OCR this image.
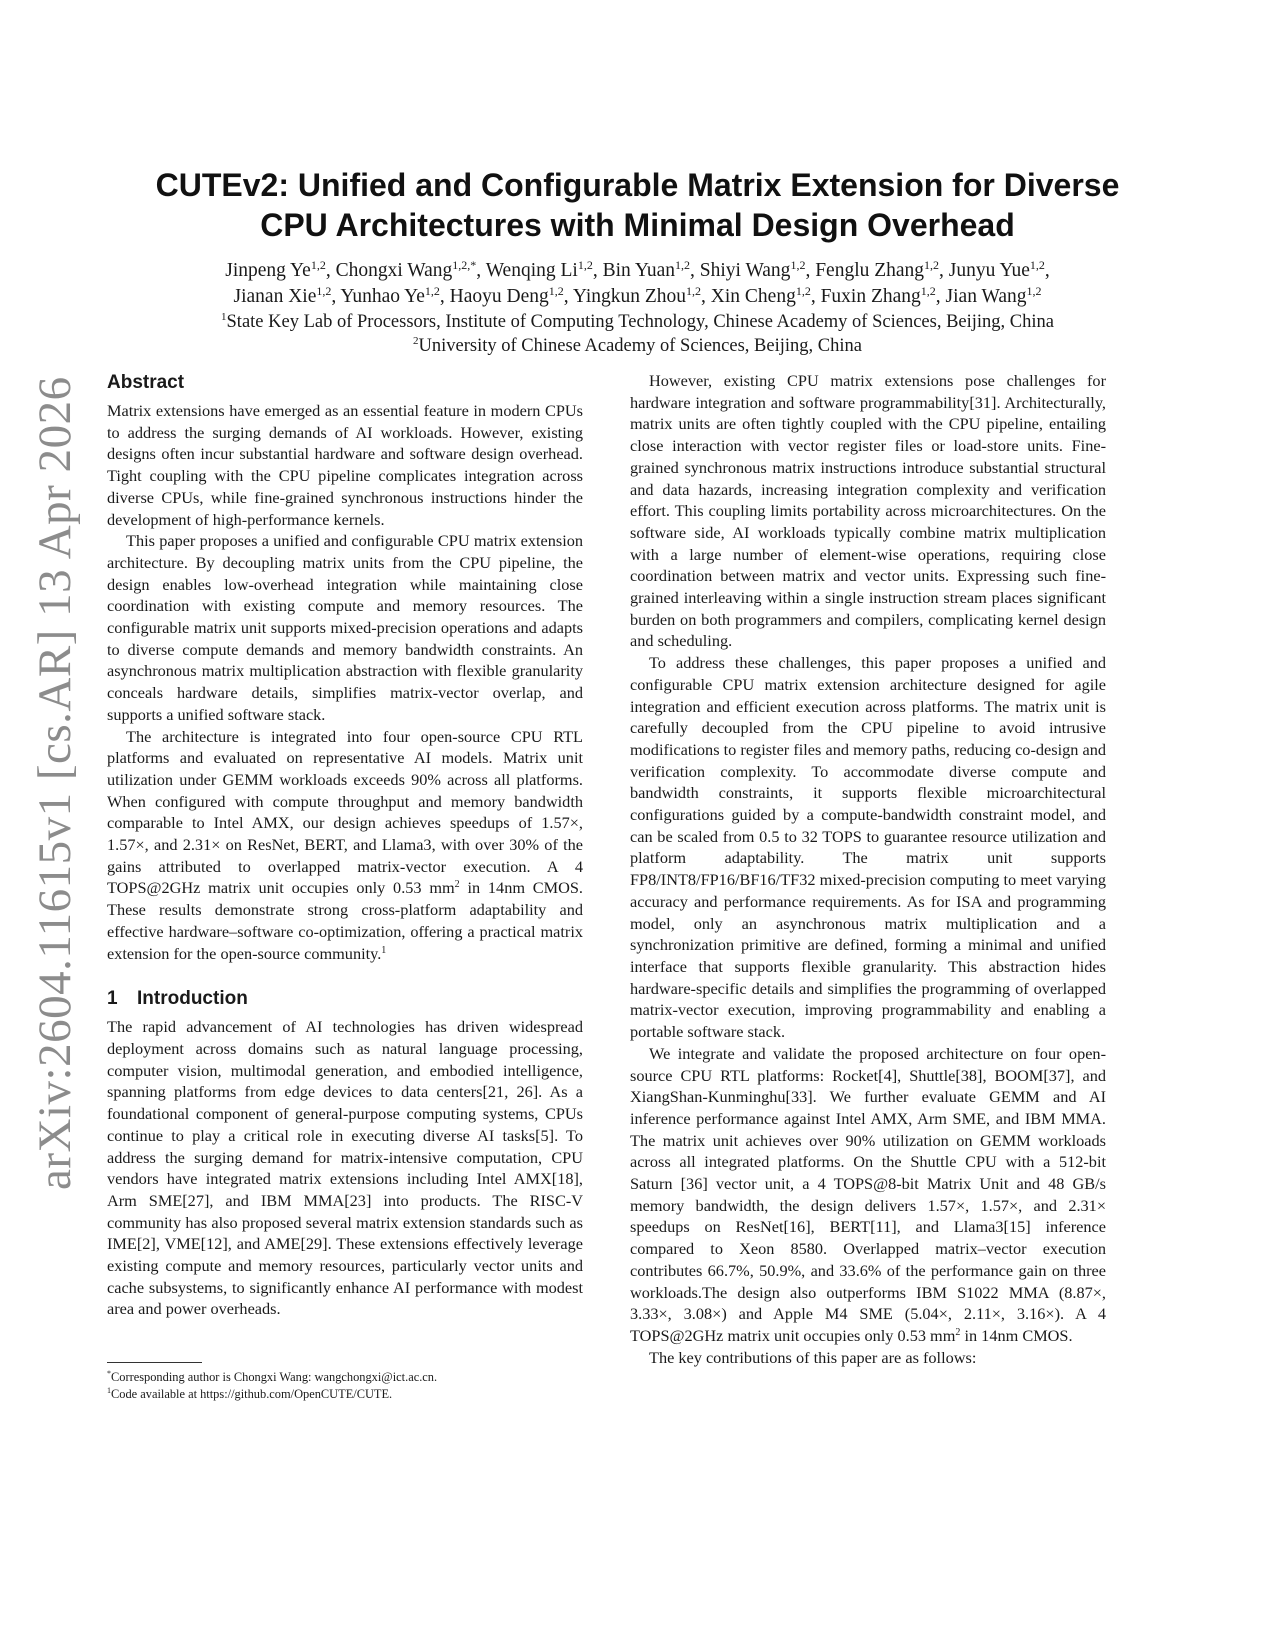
arXiv:2604.11615v1 [cs.AR] 13 Apr 2026
CUTEv2: Unified and Configurable Matrix Extension for Diverse
CPU Architectures with Minimal Design Overhead
Jinpeng Ye$^{1,2}$, Chongxi Wang$^{1,2,*}$, Wenqing Li$^{1,2}$, Bin Yuan$^{1,2}$, Shiyi Wang$^{1,2}$, Fenglu Zhang$^{1,2}$, Junyu Yue$^{1,2}$,
Jianan Xie$^{1,2}$, Yunhao Ye$^{1,2}$, Haoyu Deng$^{1,2}$, Yingkun Zhou$^{1,2}$, Xin Cheng$^{1,2}$, Fuxin Zhang$^{1,2}$, Jian Wang$^{1,2}$
$^1$State Key Lab of Processors, Institute of Computing Technology, Chinese Academy of Sciences, Beijing, China
$^2$University of Chinese Academy of Sciences, Beijing, China
Abstract

Matrix extensions have emerged as an essential feature in modern CPUs to address the surging demands of AI workloads. However, existing designs often incur substantial hardware and software design overhead. Tight coupling with the CPU pipeline complicates integration across diverse CPUs, while fine-grained synchronous instructions hinder the development of high-performance kernels.

This paper proposes a unified and configurable CPU matrix extension architecture. By decoupling matrix units from the CPU pipeline, the design enables low-overhead integration while maintaining close coordination with existing compute and memory resources. The configurable matrix unit supports mixed-precision operations and adapts to diverse compute demands and memory bandwidth constraints. An asynchronous matrix multiplication abstraction with flexible granularity conceals hardware details, simplifies matrix-vector overlap, and supports a unified software stack.

The architecture is integrated into four open-source CPU RTL platforms and evaluated on representative AI models. Matrix unit utilization under GEMM workloads exceeds 90% across all platforms. When configured with compute throughput and memory bandwidth comparable to Intel AMX, our design achieves speedups of 1.57×, 1.57×, and 2.31× on ResNet, BERT, and Llama3, with over 30% of the gains attributed to overlapped matrix-vector execution. A 4 TOPS@2GHz matrix unit occupies only 0.53 $mm^2$ in 14nm CMOS. These results demonstrate strong cross-platform adaptability and effective hardware–software co-optimization, offering a practical matrix extension for the open-source community.$^1$

1 Introduction

The rapid advancement of AI technologies has driven widespread deployment across domains such as natural language processing, computer vision, multimodal generation, and embodied intelligence, spanning platforms from edge devices to data centers[21, 26]. As a foundational component of general-purpose computing systems, CPUs continue to play a critical role in executing diverse AI tasks[5]. To address the surging demand for matrix-intensive computation, CPU vendors have integrated matrix extensions including Intel AMX[18], Arm SME[27], and IBM MMA[23] into products. The RISC-V community has also proposed several matrix extension standards such as IME[2], VME[12], and AME[29]. These extensions effectively leverage existing compute and memory resources, particularly vector units and cache subsystems, to significantly enhance AI performance with modest area and power overheads.

However, existing CPU matrix extensions pose challenges for hardware integration and software programmability[31]. Architecturally, matrix units are often tightly coupled with the CPU pipeline, entailing close interaction with vector register files or load-store units. Fine-grained synchronous matrix instructions introduce substantial structural and data hazards, increasing integration complexity and verification effort. This coupling limits portability across microarchitectures. On the software side, AI workloads typically combine matrix multiplication with a large number of element-wise operations, requiring close coordination between matrix and vector units. Expressing such fine-grained interleaving within a single instruction stream places significant burden on both programmers and compilers, complicating kernel design and scheduling.

To address these challenges, this paper proposes a unified and configurable CPU matrix extension architecture designed for agile integration and efficient execution across platforms. The matrix unit is carefully decoupled from the CPU pipeline to avoid intrusive modifications to register files and memory paths, reducing co-design and verification complexity. To accommodate diverse compute and bandwidth constraints, it supports flexible microarchitectural configurations guided by a compute-bandwidth constraint model, and can be scaled from 0.5 to 32 TOPS to guarantee resource utilization and platform adaptability. The matrix unit supports FP8/INT8/FP16/BF16/TF32 mixed-precision computing to meet varying accuracy and performance requirements. As for ISA and programming model, only an asynchronous matrix multiplication and a synchronization primitive are defined, forming a minimal and unified interface that supports flexible granularity. This abstraction hides hardware-specific details and simplifies the programming of overlapped matrix-vector execution, improving programmability and enabling a portable software stack.

We integrate and validate the proposed architecture on four open-source CPU RTL platforms: Rocket[4], Shuttle[38], BOOM[37], and XiangShan-Kunminghu[33]. We further evaluate GEMM and AI inference performance against Intel AMX, Arm SME, and IBM MMA. The matrix unit achieves over 90% utilization on GEMM workloads across all integrated platforms. On the Shuttle CPU with a 512-bit Saturn [36] vector unit, a 4 TOPS@8-bit Matrix Unit and 48 GB/s memory bandwidth, the design delivers 1.57×, 1.57×, and 2.31× speedups on ResNet[16], BERT[11], and Llama3[15] inference compared to Xeon 8580. Overlapped matrix–vector execution contributes 66.7%, 50.9%, and 33.6% of the performance gain on three workloads.The design also outperforms IBM S1022 MMA (8.87×, 3.33×, 3.08×) and Apple M4 SME (5.04×, 2.11×, 3.16×). A 4 TOPS@2GHz matrix unit occupies only 0.53 $mm^2$ in 14nm CMOS.

The key contributions of this paper are as follows:

*Corresponding author is Chongxi Wang: wangchongxi@ict.ac.cn.
$^1$Code available at https://github.com/OpenCUTE/CUTE.
